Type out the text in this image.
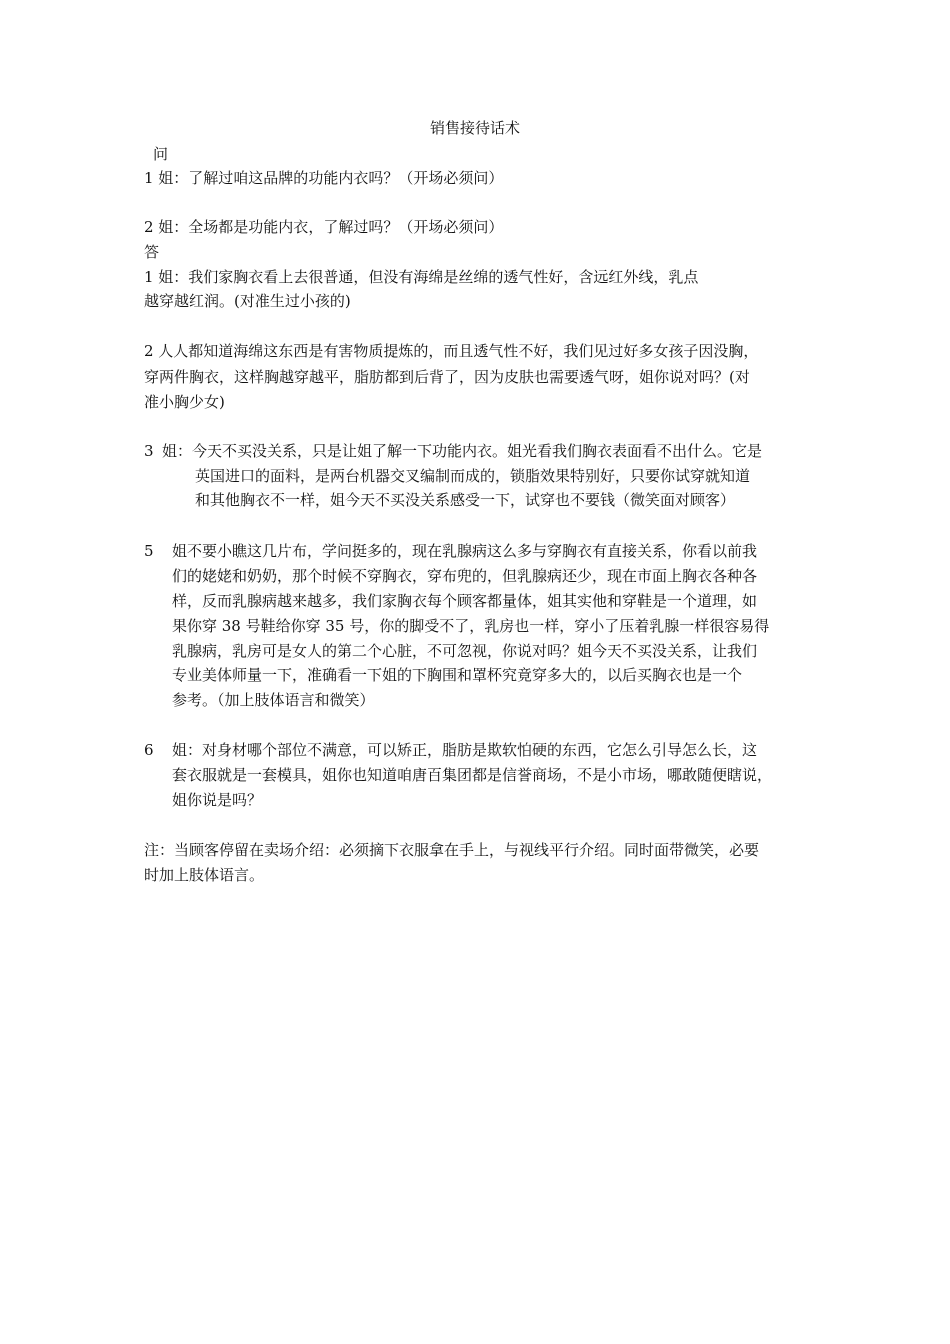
销售接待话术
问
1 姐：了解过咱这品牌的功能内衣吗？（开场必须问）
2 姐：全场都是功能内衣，了解过吗？（开场必须问）
答
1 姐：我们家胸衣看上去很普通，但没有海绵是丝绵的透气性好，含远红外线，乳点
越穿越红润。(对准生过小孩的)
2 人人都知道海绵这东西是有害物质提炼的，而且透气性不好，我们见过好多女孩子因没胸，
穿两件胸衣，这样胸越穿越平，脂肪都到后背了，因为皮肤也需要透气呀，姐你说对吗？(对
准小胸少女)
3 姐：今天不买没关系，只是让姐了解一下功能内衣。姐光看我们胸衣表面看不出什么。它是
英国进口的面料，是两台机器交叉编制而成的，锁脂效果特别好，只要你试穿就知道
和其他胸衣不一样，姐今天不买没关系感受一下，试穿也不要钱（微笑面对顾客）
5 姐不要小瞧这几片布，学问挺多的，现在乳腺病这么多与穿胸衣有直接关系，你看以前我
们的姥姥和奶奶，那个时候不穿胸衣，穿布兜的，但乳腺病还少，现在市面上胸衣各种各
样，反而乳腺病越来越多，我们家胸衣每个顾客都量体，姐其实他和穿鞋是一个道理，如
果你穿 38 号鞋给你穿 35 号，你的脚受不了，乳房也一样，穿小了压着乳腺一样很容易得
乳腺病，乳房可是女人的第二个心脏，不可忽视，你说对吗？姐今天不买没关系，让我们
专业美体师量一下，准确看一下姐的下胸围和罩杯究竟穿多大的，以后买胸衣也是一个
参考。（加上肢体语言和微笑）
6 姐：对身材哪个部位不满意，可以矫正，脂肪是欺软怕硬的东西，它怎么引导怎么长，这
套衣服就是一套模具，姐你也知道咱唐百集团都是信誉商场，不是小市场，哪敢随便瞎说，
姐你说是吗？
注：当顾客停留在卖场介绍：必须摘下衣服拿在手上，与视线平行介绍。同时面带微笑，必要
时加上肢体语言。
